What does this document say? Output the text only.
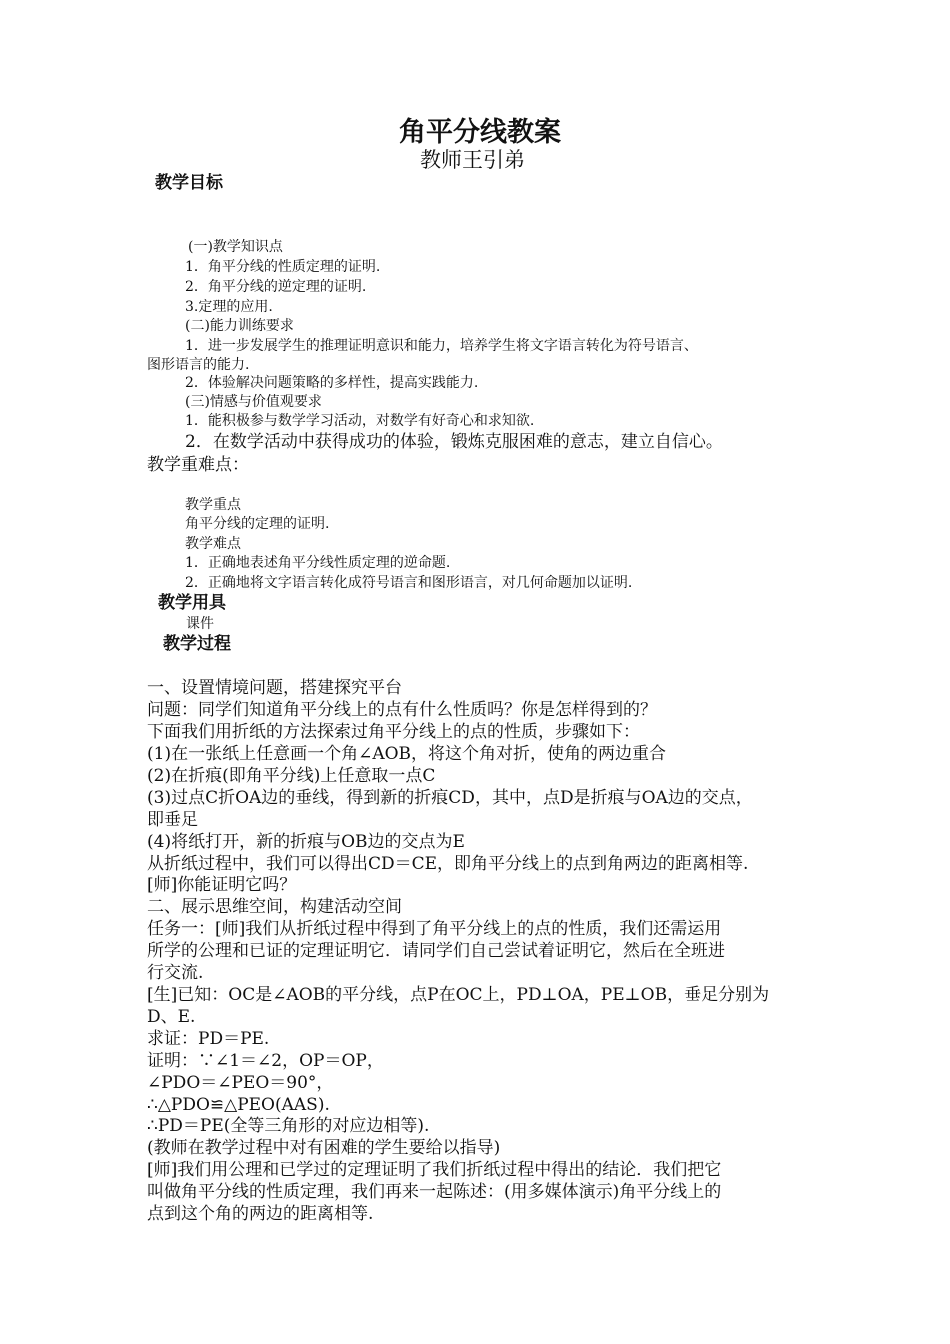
角平分线教案
教师王引弟
教学目标
(一)教学知识点
1．角平分线的性质定理的证明.
2．角平分线的逆定理的证明.
3.定理的应用.
(二)能力训练要求
1．进一步发展学生的推理证明意识和能力，培养学生将文字语言转化为符号语言、
图形语言的能力.
2．体验解决问题策略的多样性，提高实践能力.
(三)情感与价值观要求
1．能积极参与数学学习活动，对数学有好奇心和求知欲.
2．在数学活动中获得成功的体验，锻炼克服困难的意志，建立自信心。
教学重难点：
教学重点
角平分线的定理的证明.
教学难点
1．正确地表述角平分线性质定理的逆命题.
2．正确地将文字语言转化成符号语言和图形语言，对几何命题加以证明.
教学用具
课件
教学过程
一、设置情境问题，搭建探究平台
问题：同学们知道角平分线上的点有什么性质吗？你是怎样得到的？
下面我们用折纸的方法探索过角平分线上的点的性质，步骤如下：
(1)在一张纸上任意画一个角∠AOB，将这个角对折，使角的两边重合
(2)在折痕(即角平分线)上任意取一点C
(3)过点C折OA边的垂线，得到新的折痕CD，其中，点D是折痕与OA边的交点，
即垂足
(4)将纸打开，新的折痕与OB边的交点为E
从折纸过程中，我们可以得出CD＝CE，即角平分线上的点到角两边的距离相等.
[师]你能证明它吗？
二、展示思维空间，构建活动空间
任务一：[师]我们从折纸过程中得到了角平分线上的点的性质，我们还需运用
所学的公理和已证的定理证明它．请同学们自己尝试着证明它，然后在全班进
行交流.
[生]已知：OC是∠AOB的平分线，点P在OC上，PD⊥OA，PE⊥OB，垂足分别为
D、E.
求证：PD＝PE.
证明：∵∠1＝∠2，OP＝OP，
∠PDO＝∠PEO＝90°，
∴△PDO≌△PEO(AAS).
∴PD＝PE(全等三角形的对应边相等).
(教师在教学过程中对有困难的学生要给以指导)
[师]我们用公理和已学过的定理证明了我们折纸过程中得出的结论．我们把它
叫做角平分线的性质定理，我们再来一起陈述：(用多媒体演示)角平分线上的
点到这个角的两边的距离相等.
